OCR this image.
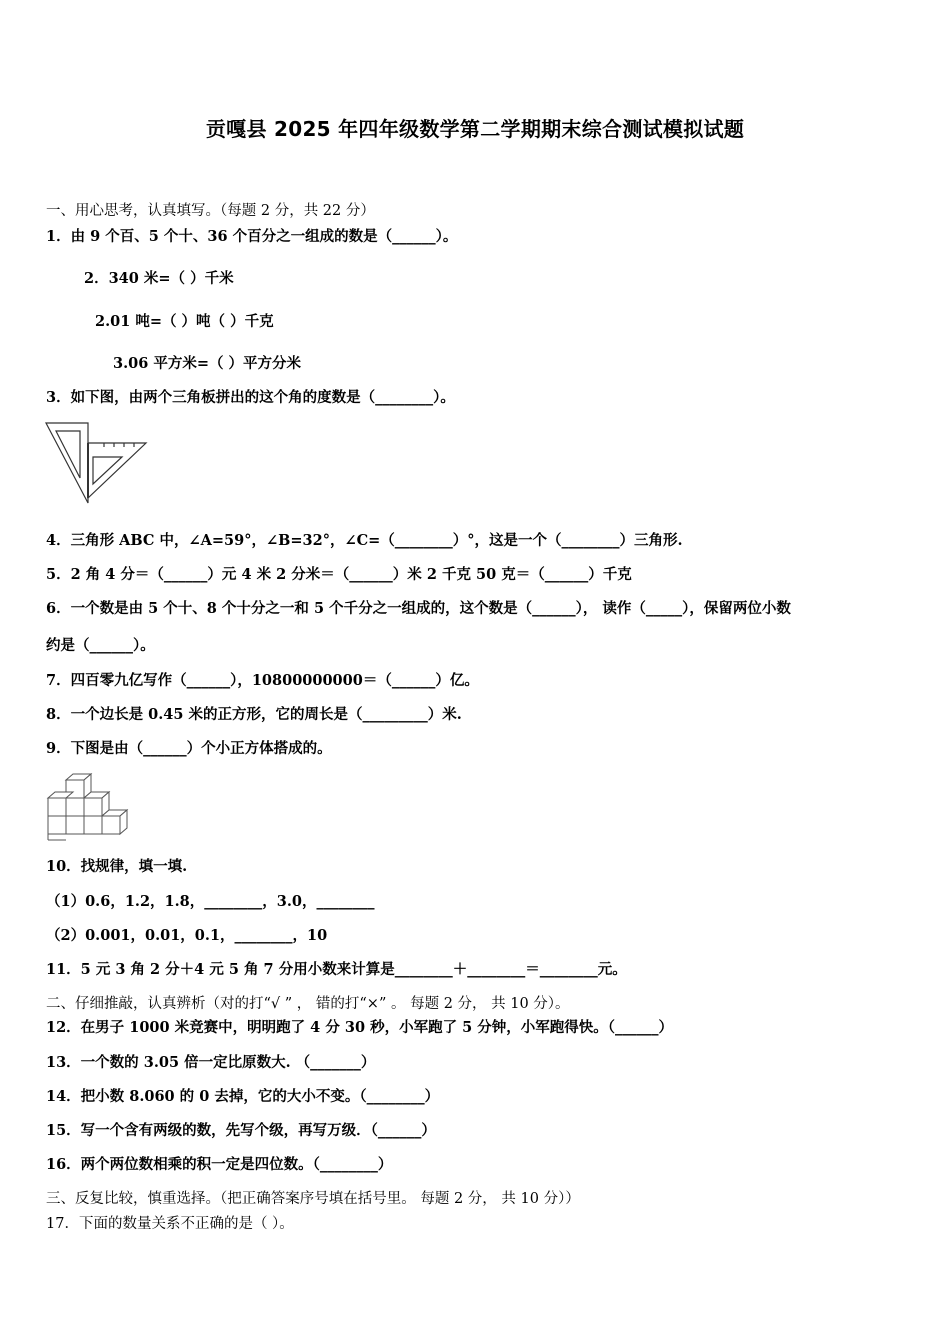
贡嘎县 2025 年四年级数学第二学期期末综合测试模拟试题
一、用心思考，认真填写。（每题 2 分，共 22 分）
1．由 9 个百、5 个十、36 个百分之一组成的数是（______）。
2．340 米=（ ）千米
2.01 吨=（ ）吨（ ）千克
3.06 平方米=（ ）平方分米
3．如下图，由两个三角板拼出的这个角的度数是（________）。
4．三角形 ABC 中，∠A=59°，∠B=32°，∠C=（________）°，这是一个（________）三角形.
5．2 角 4 分＝（______）元 4 米 2 分米＝（______）米 2 千克 50 克＝（______）千克
6．一个数是由 5 个十、8 个十分之一和 5 个千分之一组成的，这个数是（______）， 读作（_____），保留两位小数
约是（______）。
7．四百零九亿写作（______），10800000000＝（______）亿。
8．一个边长是 0.45 米的正方形，它的周长是（_________）米.
9．下图是由（______）个小正方体搭成的。
10．找规律，填一填.
（1）0.6，1.2，1.8，________，3.0，________
（2）0.001，0.01，0.1，________，10
11．5 元 3 角 2 分＋4 元 5 角 7 分用小数来计算是________＋________＝________元。
二、仔细推敲，认真辨析（对的打“√ ” ， 错的打“×” 。 每题 2 分， 共 10 分）。
12．在男子 1000 米竞赛中，明明跑了 4 分 30 秒，小军跑了 5 分钟，小军跑得快。（______）
13．一个数的 3.05 倍一定比原数大. （_______）
14．把小数 8.060 的 0 去掉，它的大小不变。（________）
15．写一个含有两级的数，先写个级，再写万级．（______）
16．两个两位数相乘的积一定是四位数。（________）
三、反复比较，慎重选择。（把正确答案序号填在括号里。 每题 2 分， 共 10 分））
17．下面的数量关系不正确的是（ ）。
